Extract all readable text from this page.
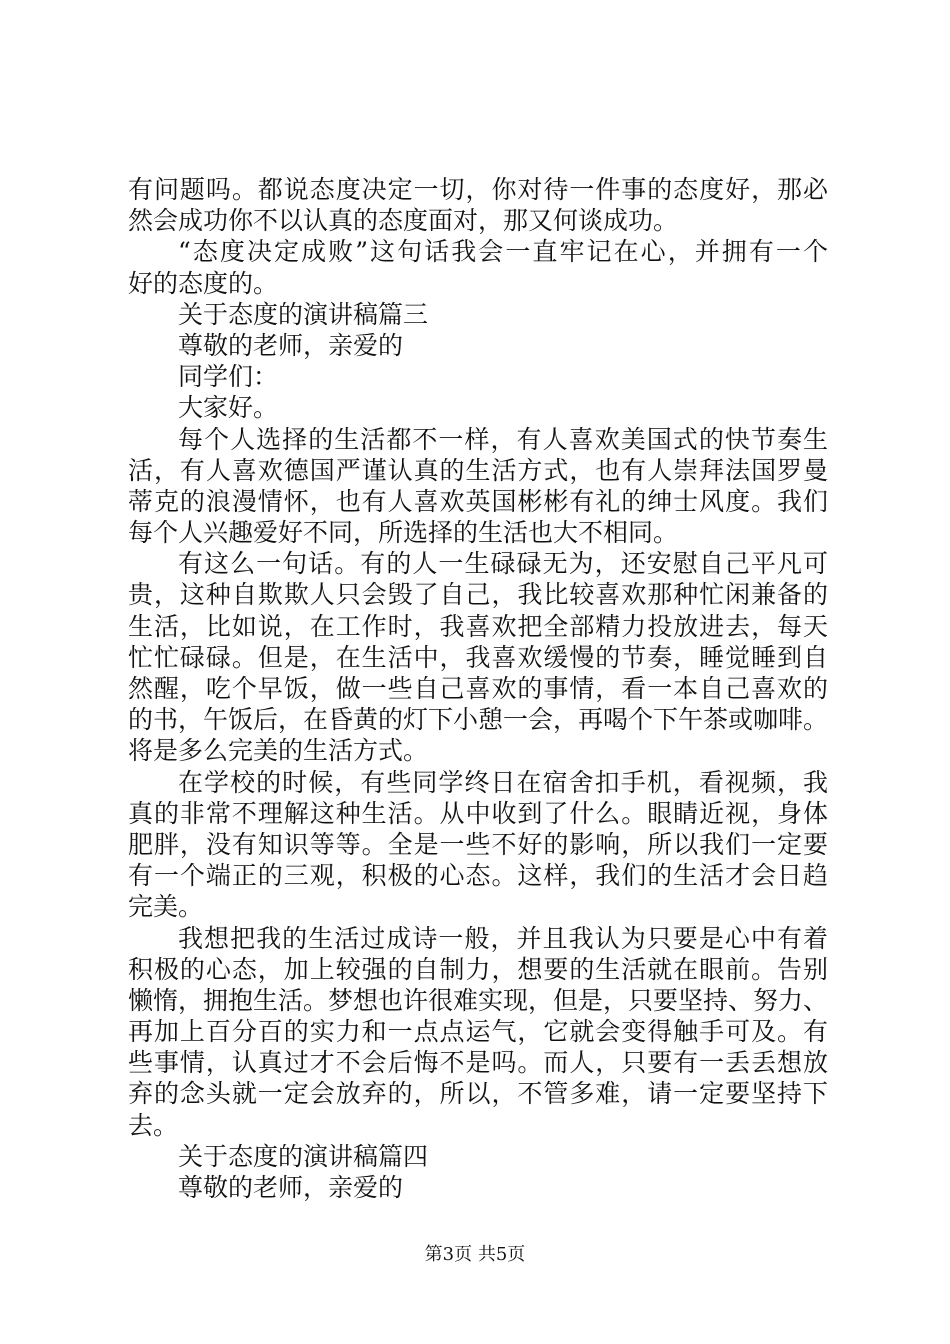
有问题吗。都说态度决定一切，你对待一件事的态度好，那必
然会成功你不以认真的态度面对，那又何谈成功。
“态度决定成败”这句话我会一直牢记在心，并拥有一个
好的态度的。
关于态度的演讲稿篇三
尊敬的老师，亲爱的
同学们：
大家好。
每个人选择的生活都不一样，有人喜欢美国式的快节奏生
活，有人喜欢德国严谨认真的生活方式，也有人崇拜法国罗曼
蒂克的浪漫情怀，也有人喜欢英国彬彬有礼的绅士风度。我们
每个人兴趣爱好不同，所选择的生活也大不相同。
有这么一句话。有的人一生碌碌无为，还安慰自己平凡可
贵，这种自欺欺人只会毁了自己，我比较喜欢那种忙闲兼备的
生活，比如说，在工作时，我喜欢把全部精力投放进去，每天
忙忙碌碌。但是，在生活中，我喜欢缓慢的节奏，睡觉睡到自
然醒，吃个早饭，做一些自己喜欢的事情，看一本自己喜欢的
的书，午饭后，在昏黄的灯下小憩一会，再喝个下午茶或咖啡。
将是多么完美的生活方式。
在学校的时候，有些同学终日在宿舍扣手机，看视频，我
真的非常不理解这种生活。从中收到了什么。眼睛近视，身体
肥胖，没有知识等等。全是一些不好的影响，所以我们一定要
有一个端正的三观，积极的心态。这样，我们的生活才会日趋
完美。
我想把我的生活过成诗一般，并且我认为只要是心中有着
积极的心态，加上较强的自制力，想要的生活就在眼前。告别
懒惰，拥抱生活。梦想也许很难实现，但是，只要坚持、努力、
再加上百分百的实力和一点点运气，它就会变得触手可及。有
些事情，认真过才不会后悔不是吗。而人，只要有一丢丢想放
弃的念头就一定会放弃的，所以，不管多难，请一定要坚持下
去。
关于态度的演讲稿篇四
尊敬的老师，亲爱的
第3页 共5页
